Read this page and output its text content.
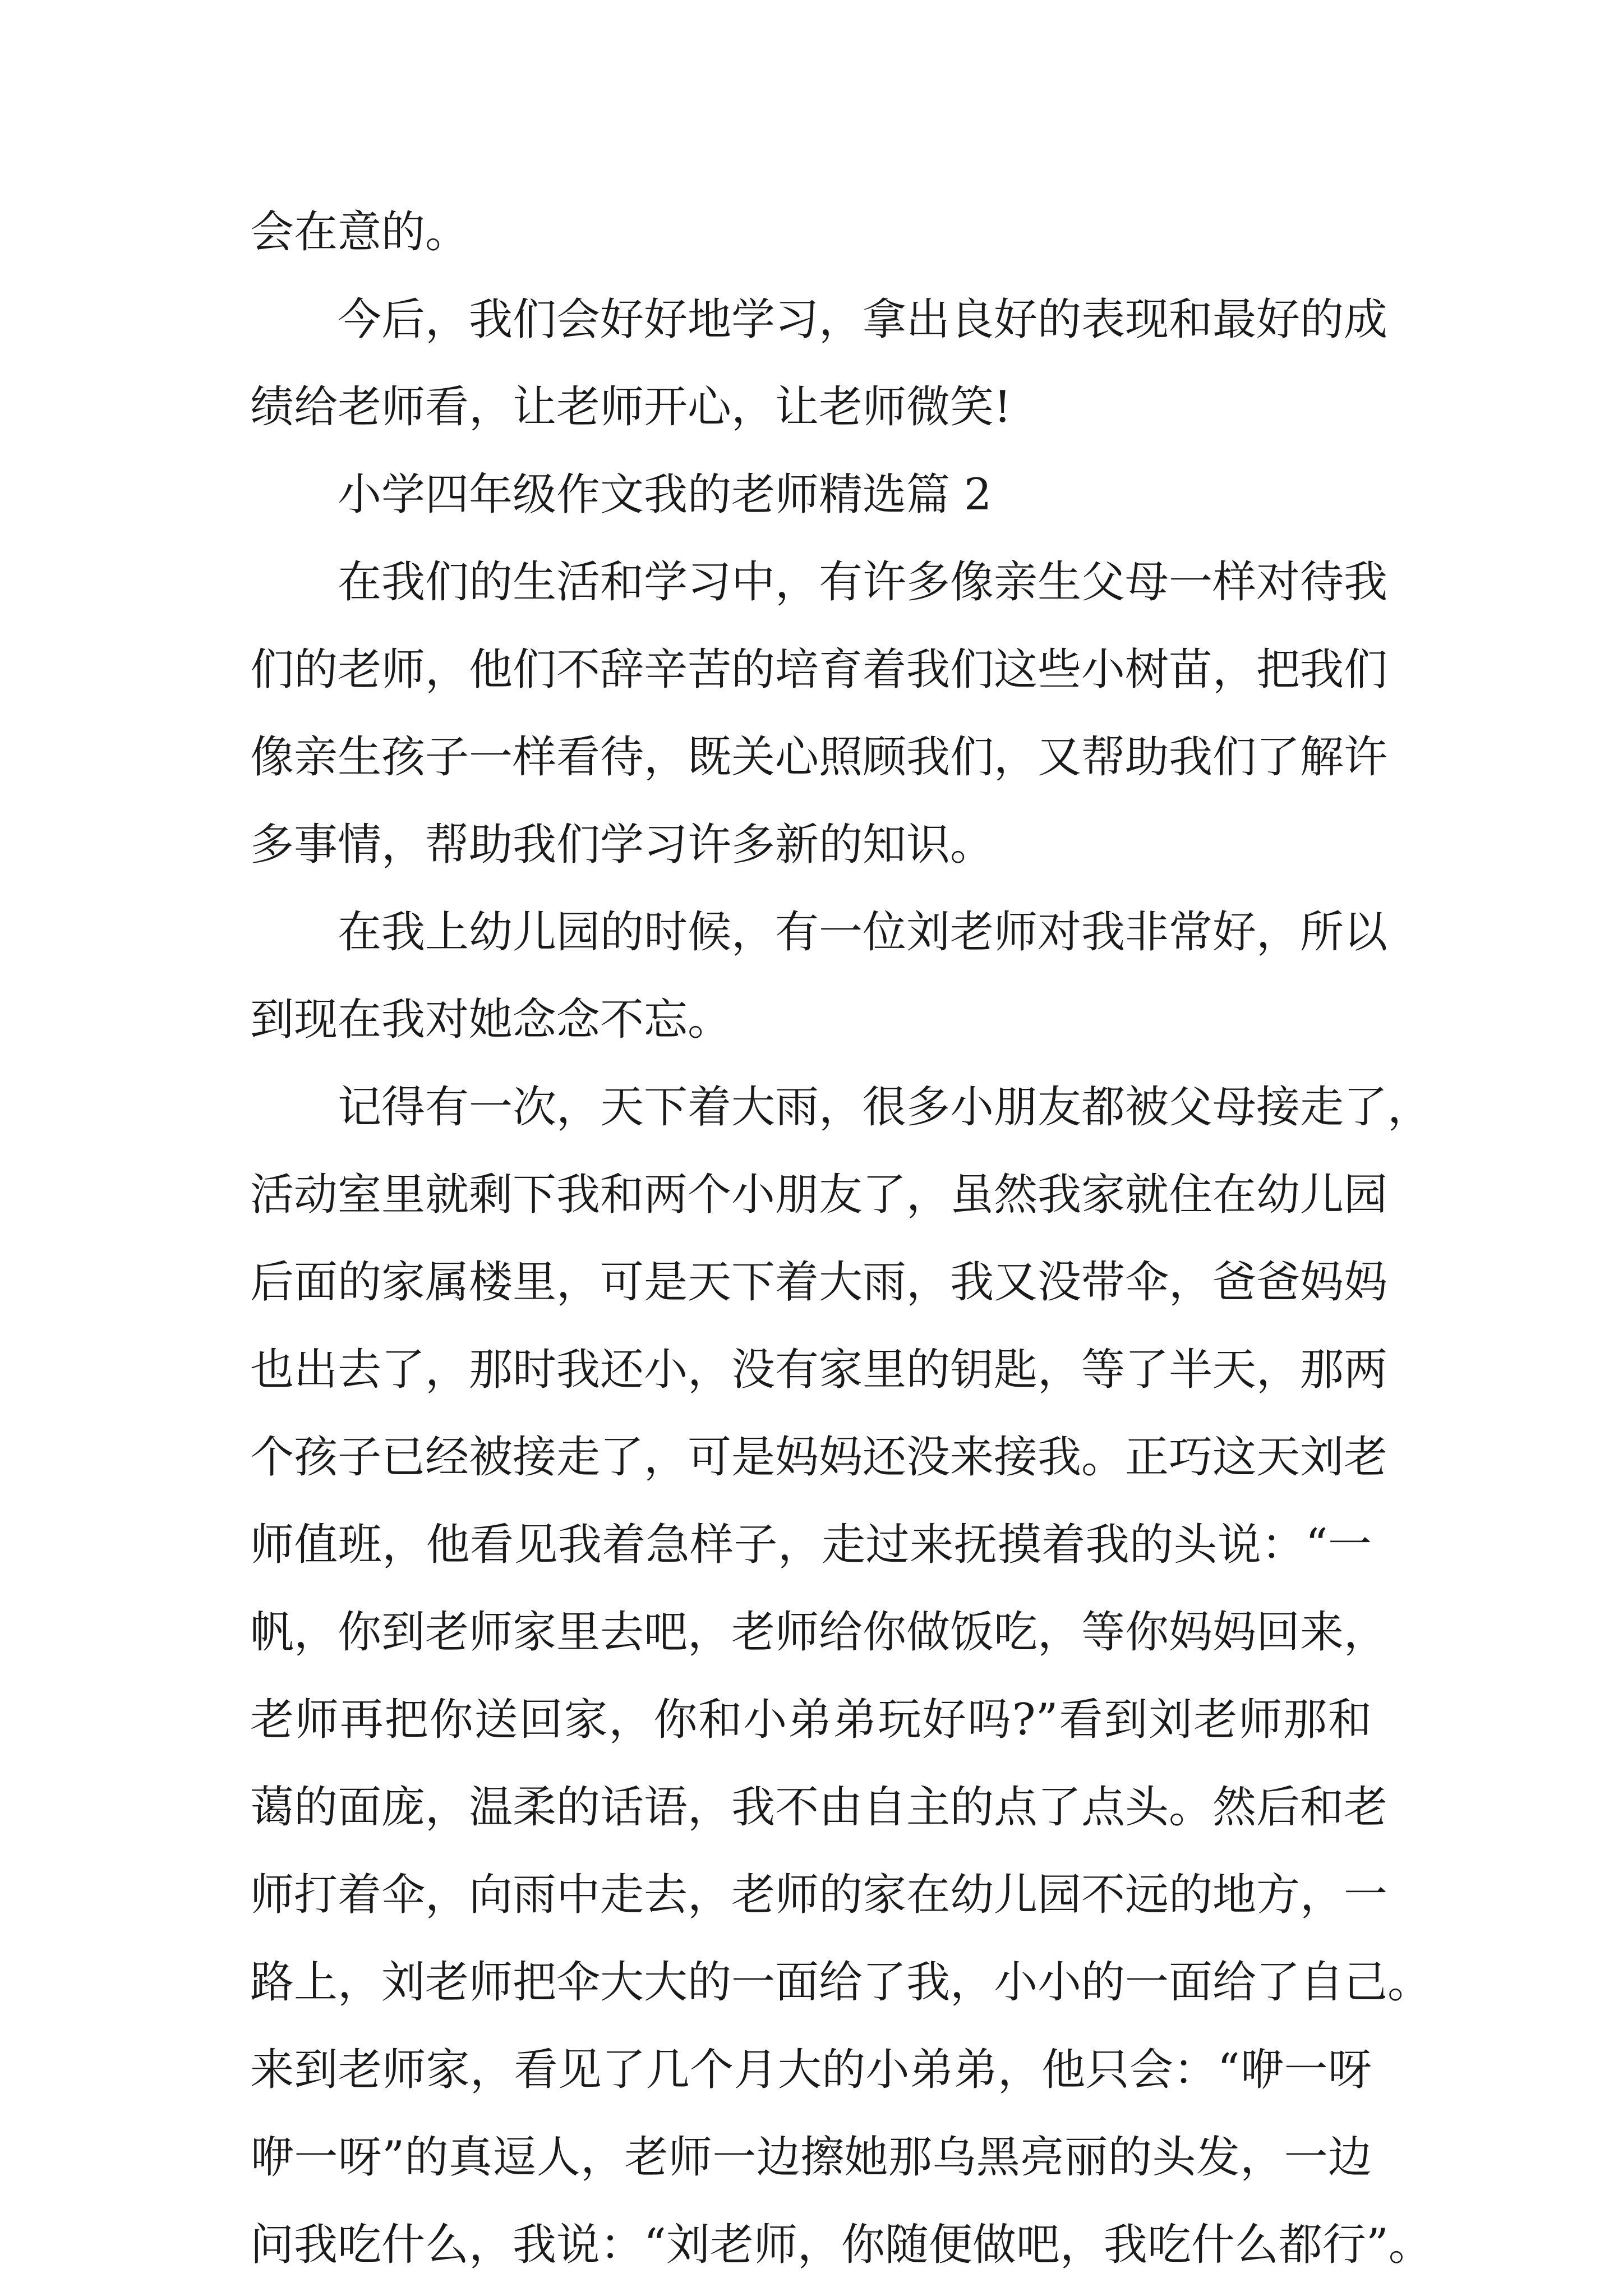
会在意的。
今后，我们会好好地学习，拿出良好的表现和最好的成
绩给老师看，让老师开心，让老师微笑!
小学四年级作文我的老师精选篇 2
在我们的生活和学习中，有许多像亲生父母一样对待我
们的老师，他们不辞辛苦的培育着我们这些小树苗，把我们
像亲生孩子一样看待，既关心照顾我们，又帮助我们了解许
多事情，帮助我们学习许多新的知识。
在我上幼儿园的时候，有一位刘老师对我非常好，所以
到现在我对她念念不忘。
记得有一次，天下着大雨，很多小朋友都被父母接走了，
活动室里就剩下我和两个小朋友了，虽然我家就住在幼儿园
后面的家属楼里，可是天下着大雨，我又没带伞，爸爸妈妈
也出去了，那时我还小，没有家里的钥匙，等了半天，那两
个孩子已经被接走了，可是妈妈还没来接我。正巧这天刘老
师值班，他看见我着急样子，走过来抚摸着我的头说：“一
帆，你到老师家里去吧，老师给你做饭吃，等你妈妈回来，
老师再把你送回家，你和小弟弟玩好吗?”看到刘老师那和
蔼的面庞，温柔的话语，我不由自主的点了点头。然后和老
师打着伞，向雨中走去，老师的家在幼儿园不远的地方，一
路上，刘老师把伞大大的一面给了我，小小的一面给了自己。
来到老师家，看见了几个月大的小弟弟，他只会：“咿一呀
咿一呀”的真逗人，老师一边擦她那乌黑亮丽的头发，一边
问我吃什么，我说：“刘老师，你随便做吧，我吃什么都行”。
